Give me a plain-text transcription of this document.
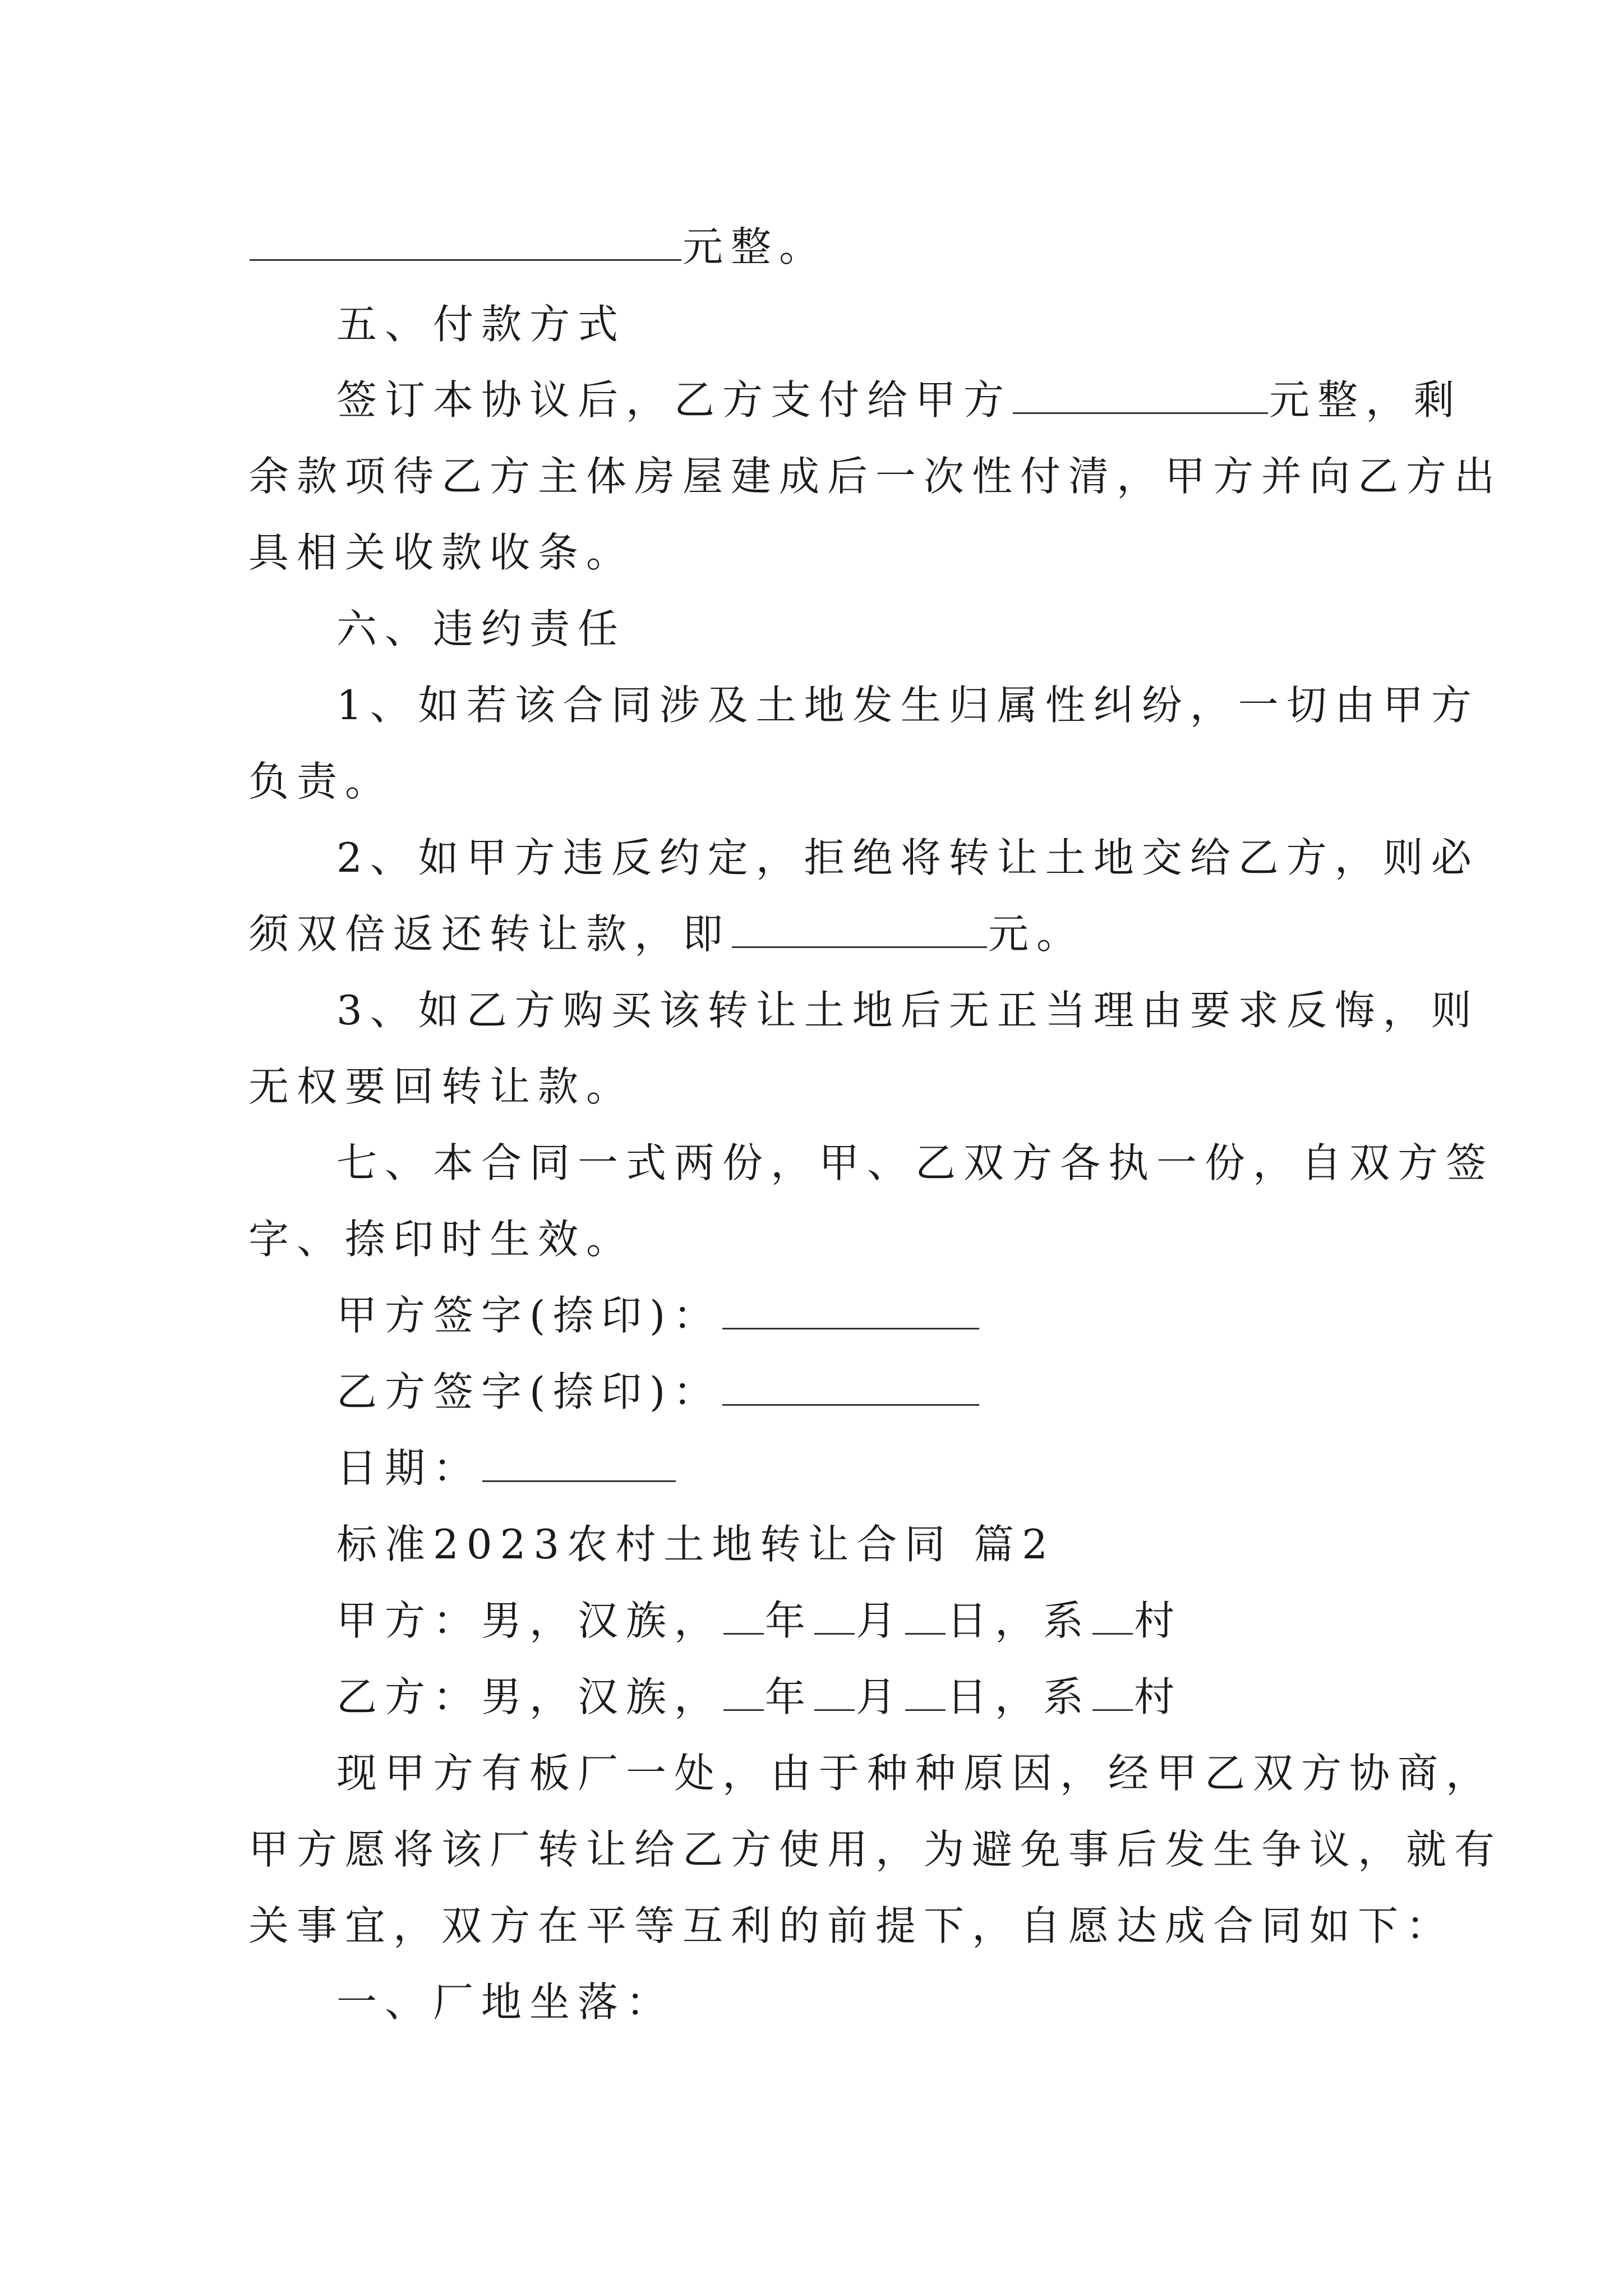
元整。
五、付款方式
签订本协议后，乙方支付给甲方	元整，剩
余款项待乙方主体房屋建成后一次性付清，甲方并向乙方出
具相关收款收条。
六、违约责任
1、如若该合同涉及土地发生归属性纠纷，一切由甲方
负责。
2、如甲方违反约定，拒绝将转让土地交给乙方，则必
须双倍返还转让款，即	元。
3、如乙方购买该转让土地后无正当理由要求反悔，则
无权要回转让款。
七、本合同一式两份，甲、乙双方各执一份，自双方签
字、捺印时生效。
甲方签字(捺印)：
乙方签字(捺印)：
日期：
标准2023农村土地转让合同 篇2
甲方：男，汉族， 年 月 日，系 村
乙方：男，汉族， 年 月 日，系 村
现甲方有板厂一处，由于种种原因，经甲乙双方协商，
甲方愿将该厂转让给乙方使用，为避免事后发生争议，就有
关事宜，双方在平等互利的前提下，自愿达成合同如下：
一、厂地坐落：
